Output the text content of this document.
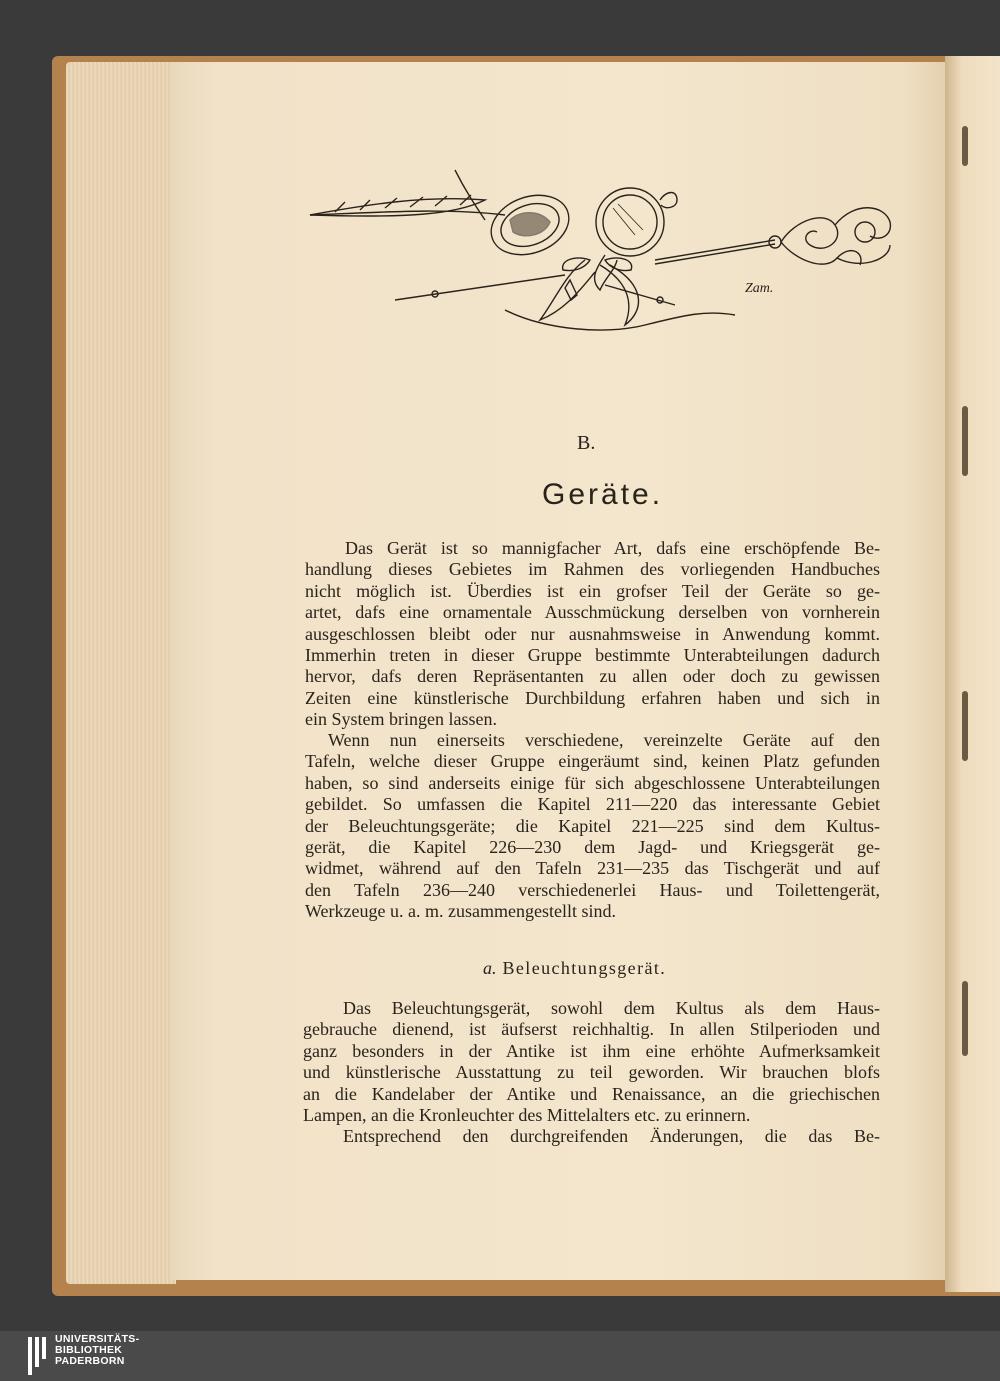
Zam.
B.
Geräte.
Das Gerät ist so mannigfacher Art, dafs eine erschöpfende Be-
handlung dieses Gebietes im Rahmen des vorliegenden Handbuches
nicht möglich ist. Überdies ist ein grofser Teil der Geräte so ge-
artet, dafs eine ornamentale Ausschmückung derselben von vornherein
ausgeschlossen bleibt oder nur ausnahmsweise in Anwendung kommt.
Immerhin treten in dieser Gruppe bestimmte Unterabteilungen dadurch
hervor, dafs deren Repräsentanten zu allen oder doch zu gewissen
Zeiten eine künstlerische Durchbildung erfahren haben und sich in
ein System bringen lassen.
Wenn nun einerseits verschiedene, vereinzelte Geräte auf den
Tafeln, welche dieser Gruppe eingeräumt sind, keinen Platz gefunden
haben, so sind anderseits einige für sich abgeschlossene Unterabteilungen
gebildet. So umfassen die Kapitel 211—220 das interessante Gebiet
der Beleuchtungsgeräte; die Kapitel 221—225 sind dem Kultus-
gerät, die Kapitel 226—230 dem Jagd- und Kriegsgerät ge-
widmet, während auf den Tafeln 231—235 das Tischgerät und auf
den Tafeln 236—240 verschiedenerlei Haus- und Toilettengerät,
Werkzeuge u. a. m. zusammengestellt sind.
a. Beleuchtungsgerät.
Das Beleuchtungsgerät, sowohl dem Kultus als dem Haus-
gebrauche dienend, ist äufserst reichhaltig. In allen Stilperioden und
ganz besonders in der Antike ist ihm eine erhöhte Aufmerksamkeit
und künstlerische Ausstattung zu teil geworden. Wir brauchen blofs
an die Kandelaber der Antike und Renaissance, an die griechischen
Lampen, an die Kronleuchter des Mittelalters etc. zu erinnern.
Entsprechend den durchgreifenden Änderungen, die das Be-
UNIVERSITÄTS-
BIBLIOTHEK
PADERBORN
